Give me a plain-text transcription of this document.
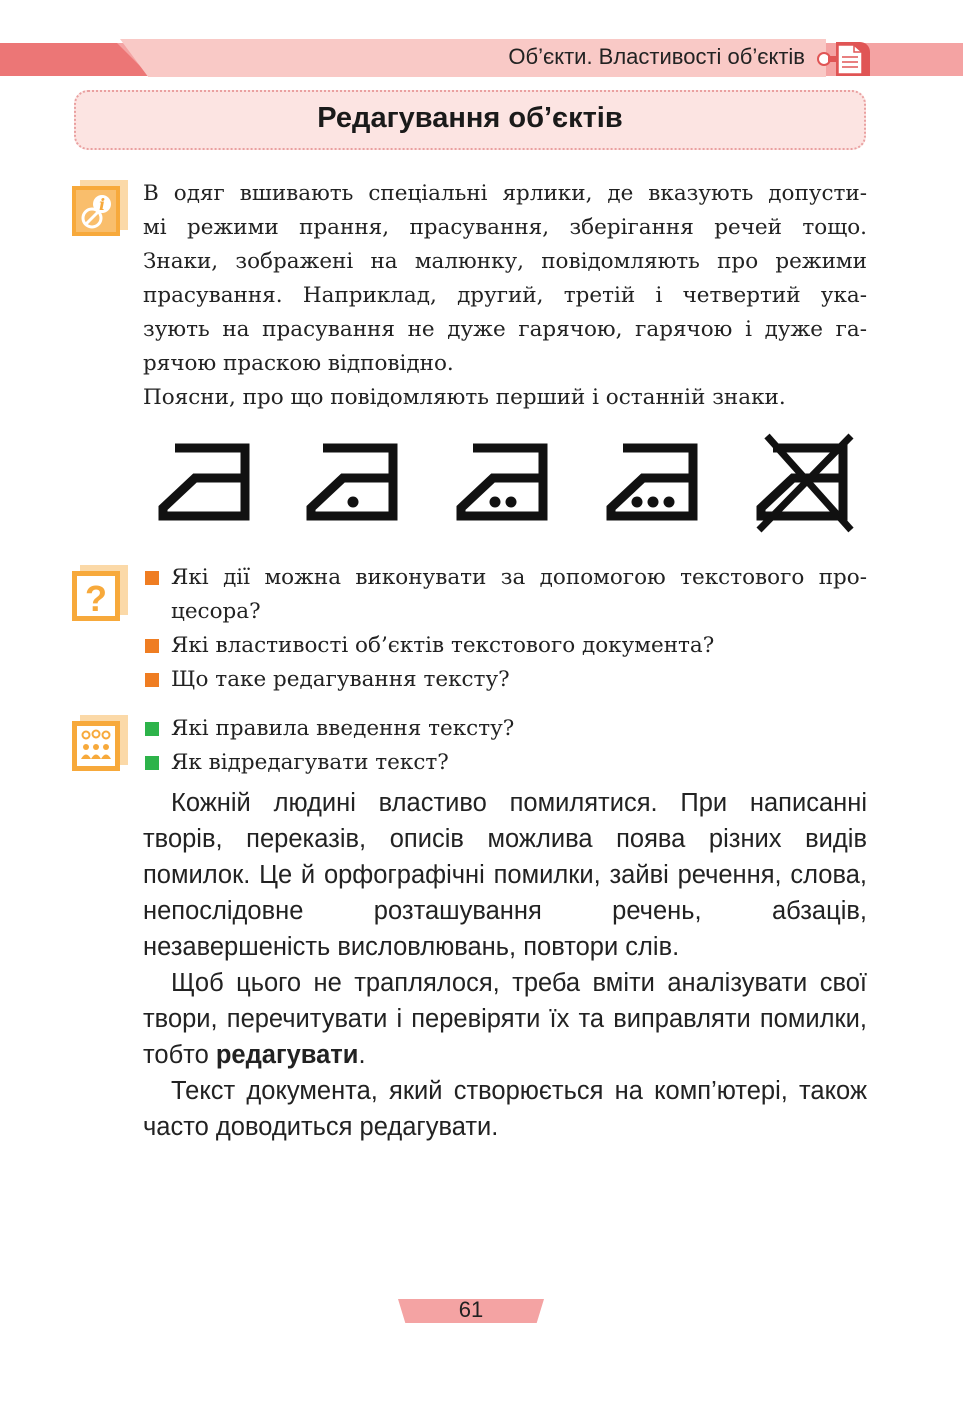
Об’єкти. Властивості об’єктів
Редагування об’єктів
i В одяг вшивають спеціальні ярлики, де вказують допусти-

мі режими прання, прасування, зберігання речей тощо.

Знаки, зображені на малюнку, повідомляють про режими

прасування. Наприклад, другий, третій і четвертий ука-

зують на прасування не дуже гарячою, гарячою і дуже га-

рячою праскою відповідно.

Поясни, про що повідомляють перший і останній знаки.

?
Які дії можна виконувати за допомогою текстового про-
цесора?
Які властивості об’єктів текстового документа?
Що таке редагування тексту?
Які правила введення тексту?
Як відредагувати текст?

Кожній людині властиво помилятися. При написанні творів, переказів, описів можлива поява різних видів помилок. Це й орфографічні помилки, зайві речення, слова, непослідовне розташування речень, абзаців, незавершеність висловлювань, повтори слів.

Щоб цього не траплялося, треба вміти аналізувати свої твори, перечитувати і перевіряти їх та виправляти помилки, тобто редагувати.

Текст документа, який створюється на комп’ютері, також часто доводиться редагувати.

61
